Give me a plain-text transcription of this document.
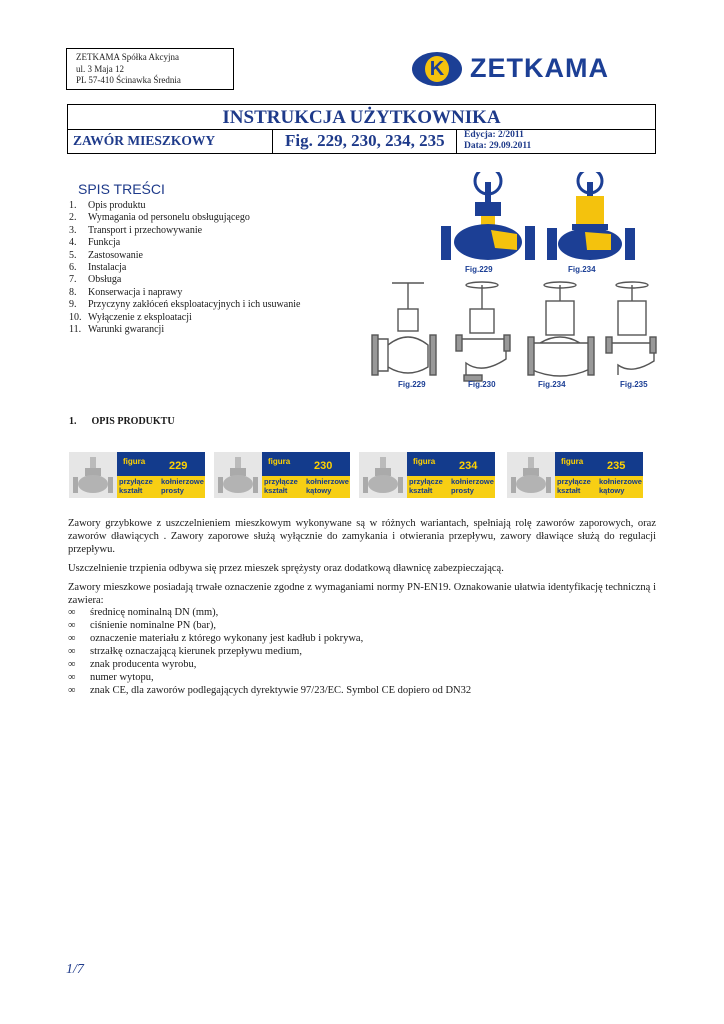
ZETKAMA Spółka Akcyjna
ul. 3 Maja 12
PL 57-410 Ścinawka Średnia	K ZETKAMA
INSTRUKCJA UŻYTKOWNIKA
ZAWÓR MIESZKOWY	Fig. 229, 230, 234, 235	Edycja: 2/2011
Data: 29.09.2011
SPIS TREŚCI
1. Opis produktu
2. Wymagania od personelu obsługującego
3. Transport i przechowywanie
4. Funkcja
5. Zastosowanie
6. Instalacja
7. Obsługa
8. Konserwacja i naprawy
9. Przyczyny zakłóceń eksploatacyjnych i ich usuwanie
10. Wyłączenie z eksploatacji
11. Warunki gwarancji
Fig.229	Fig.234
Fig.229	Fig.230	Fig.234	Fig.235
1.      OPIS PRODUKTU
figura 229
przyłącze
kształt
kołnierzowe
prosty
figura 230
przyłącze
kształt
kołnierzowe
kątowy
figura 234
przyłącze
kształt
kołnierzowe
prosty
figura 235
przyłącze
kształt
kołnierzowe
kątowy
Zawory grzybkowe z uszczelnieniem mieszkowym wykonywane są w różnych wariantach, spełniają rolę zaworów zaporowych, oraz zaworów dławiących . Zawory zaporowe służą wyłącznie do zamykania i otwierania przepływu, zawory dławiące służą do regulacji przepływu.
Uszczelnienie trzpienia odbywa się przez mieszek sprężysty oraz dodatkową dławnicę zabezpieczającą.
Zawory mieszkowe posiadają trwałe oznaczenie zgodne z wymaganiami normy PN-EN19. Oznakowanie ułatwia identyfikację techniczną i zawiera:
∞ średnicę nominalną DN (mm),
∞ ciśnienie nominalne PN (bar),
∞ oznaczenie materiału z którego wykonany jest kadłub i pokrywa,
∞ strzałkę oznaczającą kierunek przepływu medium,
∞ znak producenta wyrobu,
∞ numer wytopu,
∞ znak CE, dla zaworów podlegających dyrektywie 97/23/EC. Symbol CE dopiero od DN32
1/7
